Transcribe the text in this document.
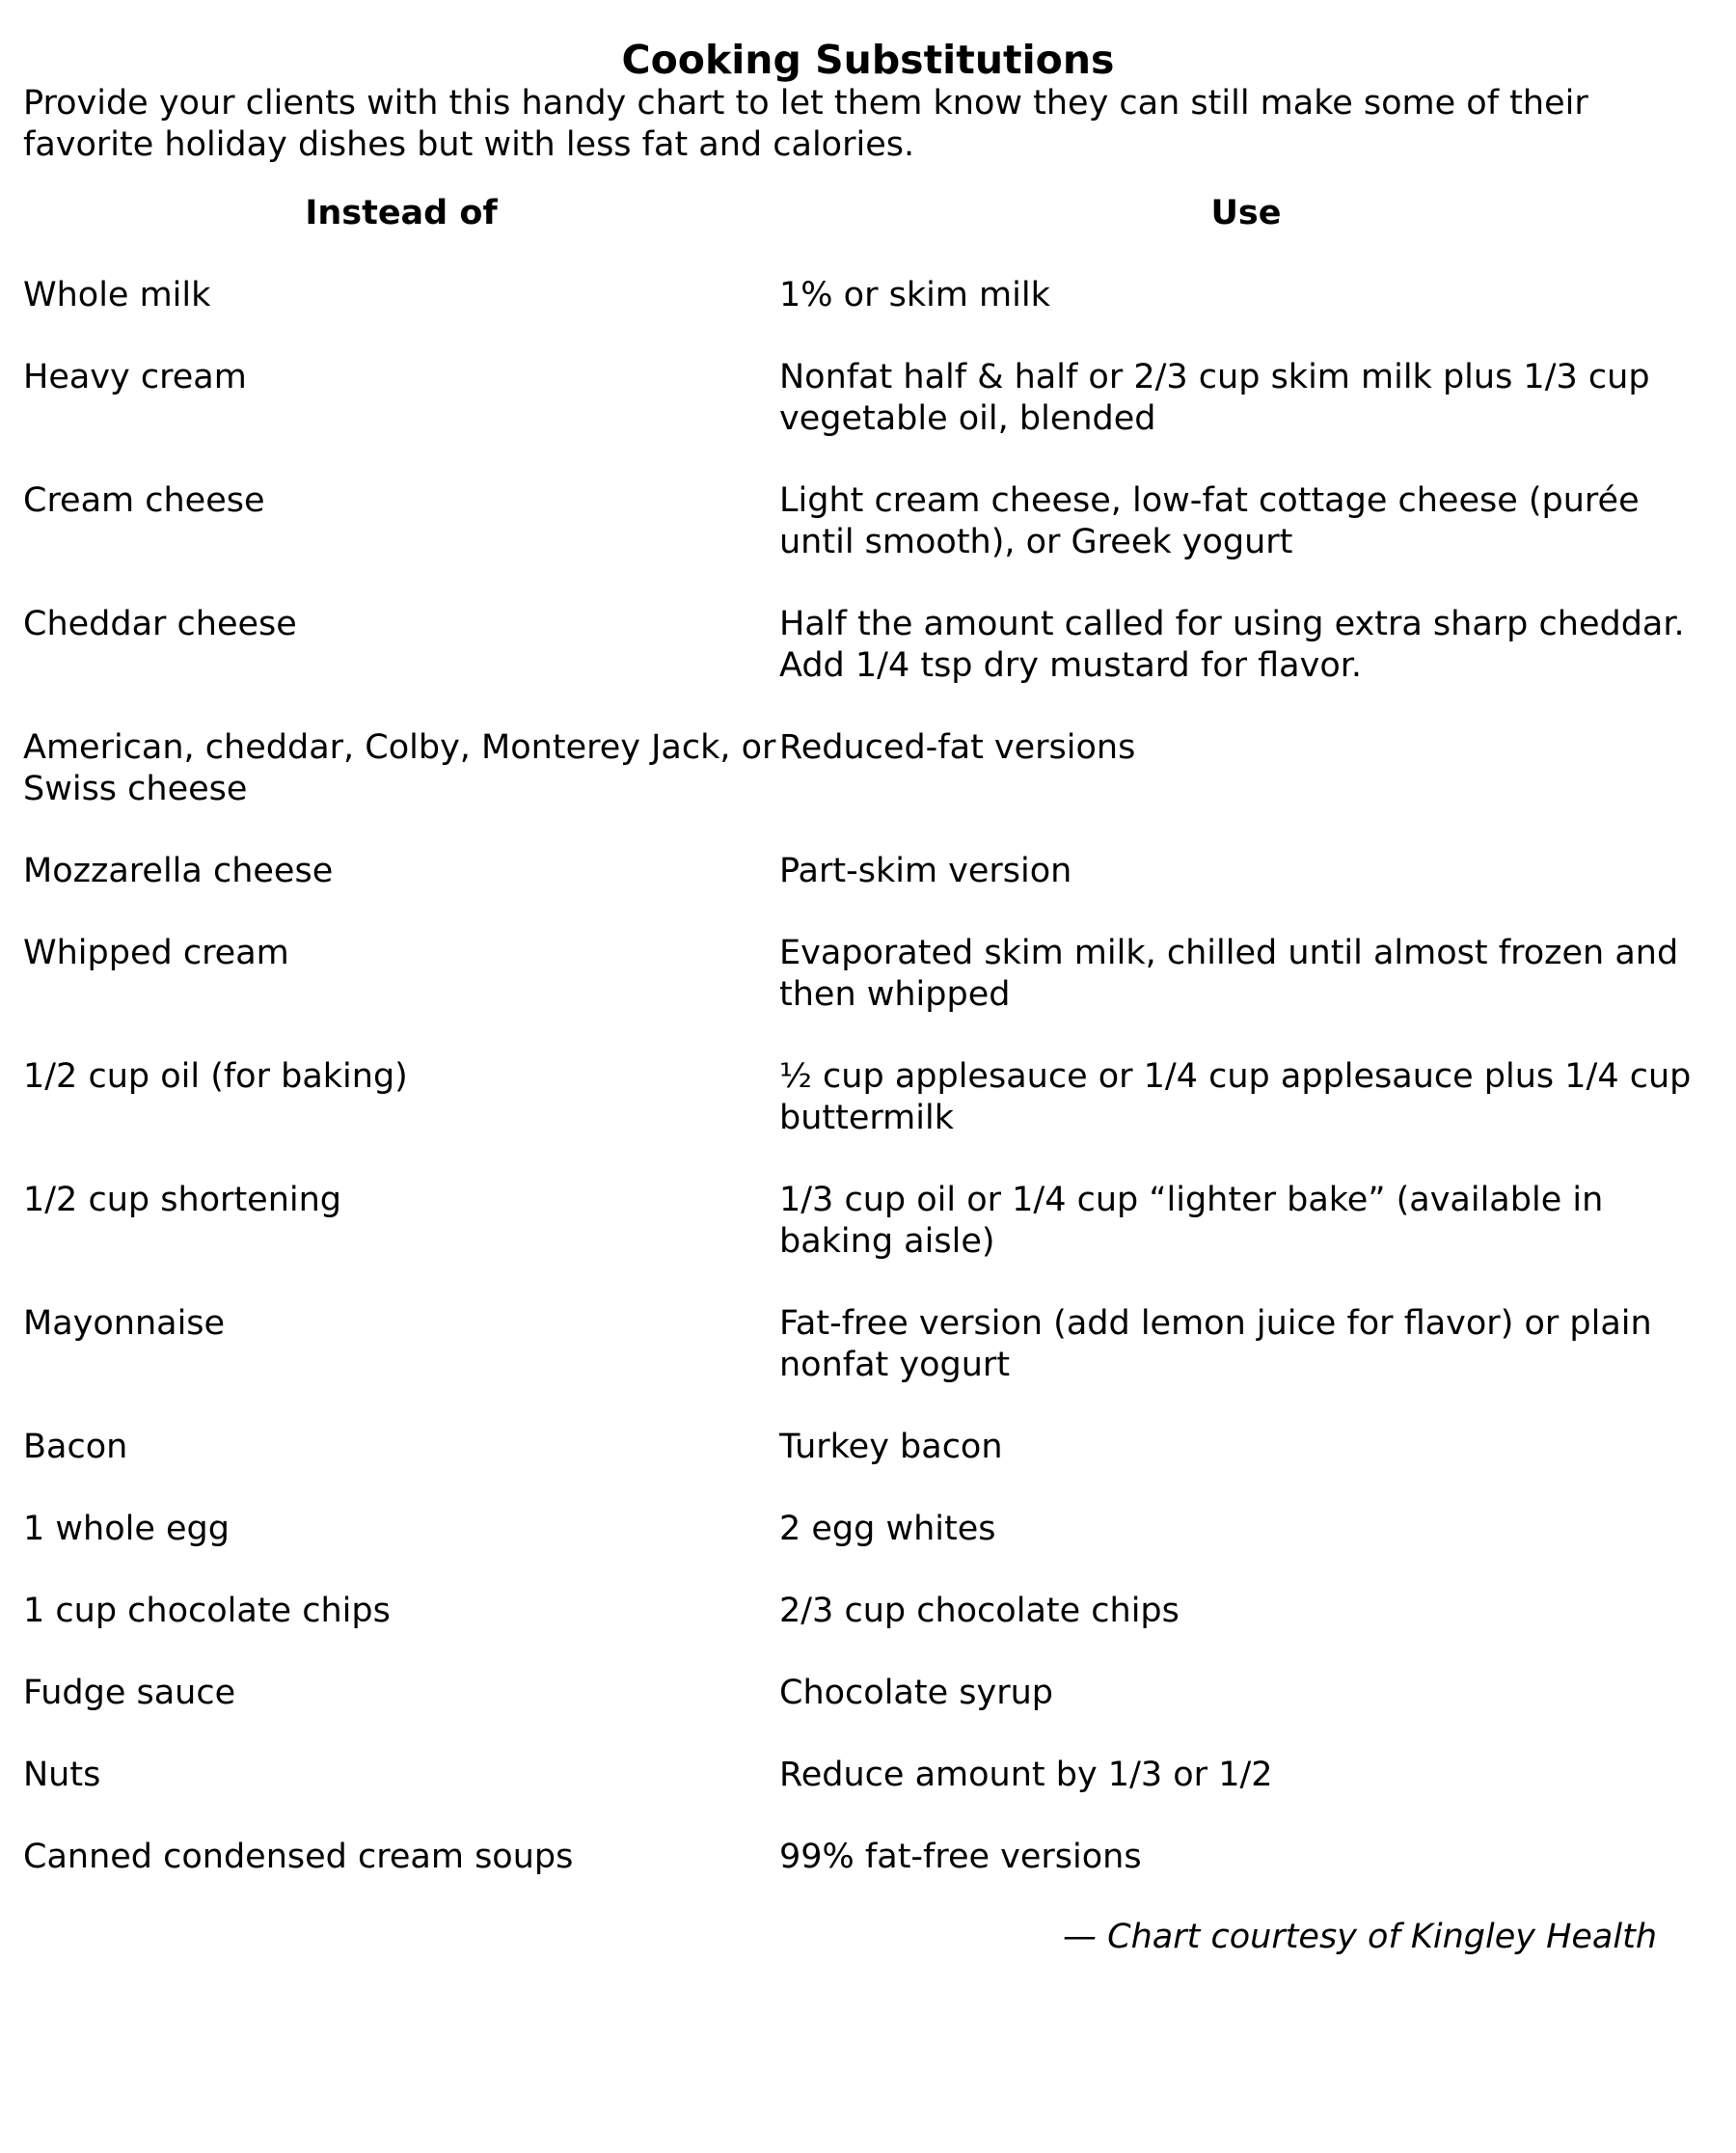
Cooking Substitutions

Provide your clients with this handy chart to let them know they can still make some of their favorite holiday dishes but with less fat and calories.

Instead of	Use
Whole milk	1% or skim milk
Heavy cream	Nonfat half & half or 2/3 cup skim milk plus 1/3 cup vegetable oil, blended
Cream cheese	Light cream cheese, low-fat cottage cheese (purée until smooth), or Greek yogurt
Cheddar cheese	Half the amount called for using extra sharp cheddar. Add 1/4 tsp dry mustard for flavor.
American, cheddar, Colby, Monterey Jack, or Swiss cheese	Reduced-fat versions
Mozzarella cheese	Part-skim version
Whipped cream	Evaporated skim milk, chilled until almost frozen and then whipped
1/2 cup oil (for baking)	½ cup applesauce or 1/4 cup applesauce plus 1/4 cup buttermilk
1/2 cup shortening	1/3 cup oil or 1/4 cup “lighter bake” (available in baking aisle)
Mayonnaise	Fat-free version (add lemon juice for flavor) or plain nonfat yogurt
Bacon	Turkey bacon
1 whole egg	2 egg whites
1 cup chocolate chips	2/3 cup chocolate chips
Fudge sauce	Chocolate syrup
Nuts	Reduce amount by 1/3 or 1/2
Canned condensed cream soups	99% fat-free versions
— Chart courtesy of Kingley Health
